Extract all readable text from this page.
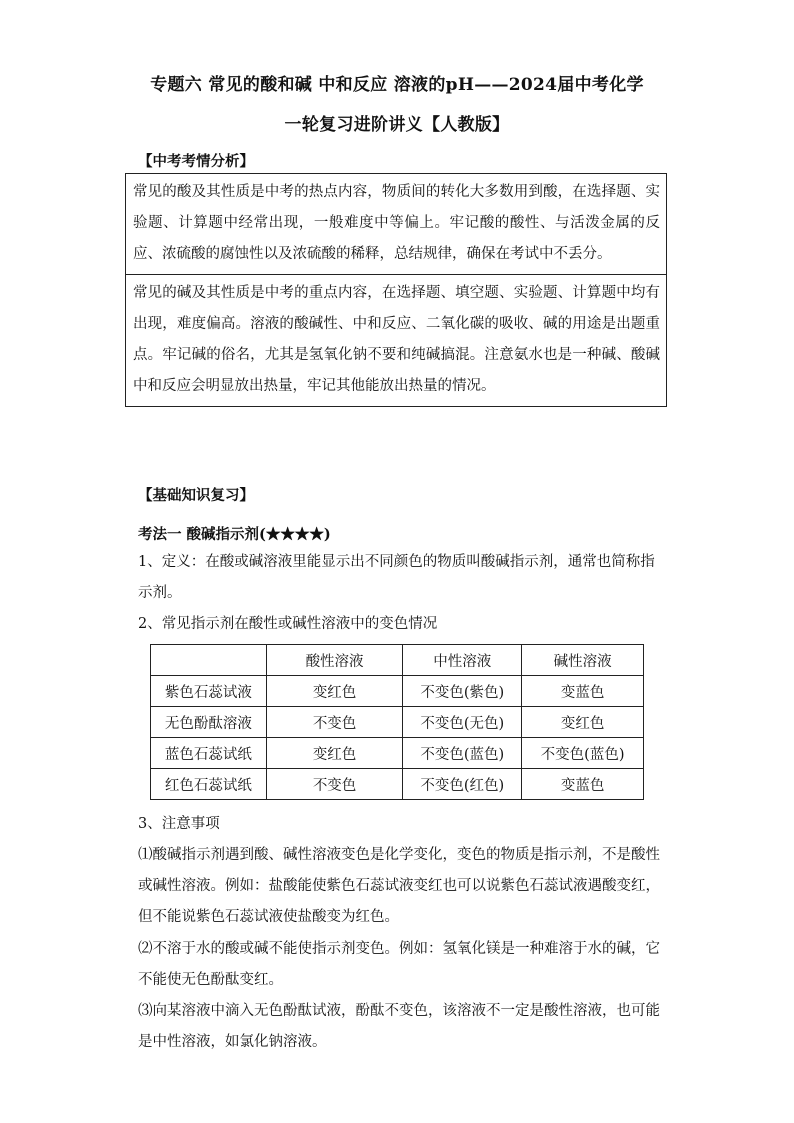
专题六 常见的酸和碱 中和反应 溶液的pH——2024届中考化学
一轮复习进阶讲义【人教版】
【中考考情分析】
常见的酸及其性质是中考的热点内容，物质间的转化大多数用到酸，在选择题、实验题、计算题中经常出现，一般难度中等偏上。牢记酸的酸性、与活泼金属的反应、浓硫酸的腐蚀性以及浓硫酸的稀释，总结规律，确保在考试中不丢分。
常见的碱及其性质是中考的重点内容，在选择题、填空题、实验题、计算题中均有出现，难度偏高。溶液的酸碱性、中和反应、二氧化碳的吸收、碱的用途是出题重点。牢记碱的俗名，尤其是氢氧化钠不要和纯碱搞混。注意氨水也是一种碱、酸碱中和反应会明显放出热量，牢记其他能放出热量的情况。
【基础知识复习】
考法一 酸碱指示剂(★★★★)
1、定义：在酸或碱溶液里能显示出不同颜色的物质叫酸碱指示剂，通常也简称指示剂。
2、常见指示剂在酸性或碱性溶液中的变色情况
	酸性溶液	中性溶液	碱性溶液
紫色石蕊试液	变红色	不变色(紫色)	变蓝色
无色酚酞溶液	不变色	不变色(无色)	变红色
蓝色石蕊试纸	变红色	不变色(蓝色)	不变色(蓝色)
红色石蕊试纸	不变色	不变色(红色)	变蓝色
3、注意事项
⑴酸碱指示剂遇到酸、碱性溶液变色是化学变化，变色的物质是指示剂，不是酸性或碱性溶液。例如：盐酸能使紫色石蕊试液变红也可以说紫色石蕊试液遇酸变红，但不能说紫色石蕊试液使盐酸变为红色。
⑵不溶于水的酸或碱不能使指示剂变色。例如：氢氧化镁是一种难溶于水的碱，它不能使无色酚酞变红。
⑶向某溶液中滴入无色酚酞试液，酚酞不变色，该溶液不一定是酸性溶液，也可能是中性溶液，如氯化钠溶液。
